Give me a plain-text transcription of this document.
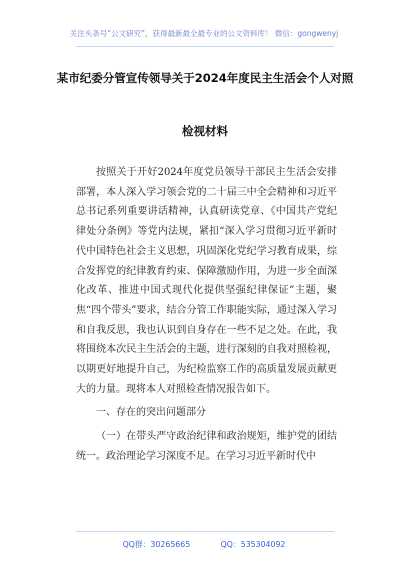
关注头条号“公文研究”，获得最新最全最专业的公文资料库！ 微信：gongwenyj
某市纪委分管宣传领导关于2024年度民主生活会个人对照
检视材料

按照关于开好2024年度党员领导干部民主生活会安排部署，本人深入学习领会党的二十届三中全会精神和习近平总书记系列重要讲话精神，认真研读党章、《中国共产党纪律处分条例》等党内法规，紧扣“深入学习贯彻习近平新时代中国特色社会主义思想，巩固深化党纪学习教育成果，综合发挥党的纪律教育约束、保障激励作用，为进一步全面深化改革、推进中国式现代化提供坚强纪律保证”主题，聚焦“四个带头”要求，结合分管工作职能实际，通过深入学习和自我反思，我也认识到自身存在一些不足之处。在此，我将围绕本次民主生活会的主题，进行深刻的自我对照检视，以期更好地提升自己，为纪检监察工作的高质量发展贡献更大的力量。现将本人对照检查情况报告如下。

一、存在的突出问题部分

（一）在带头严守政治纪律和政治规矩，维护党的团结统一。政治理论学习深度不足。在学习习近平新时代中

QQ群：30265665	QQ：535304092
